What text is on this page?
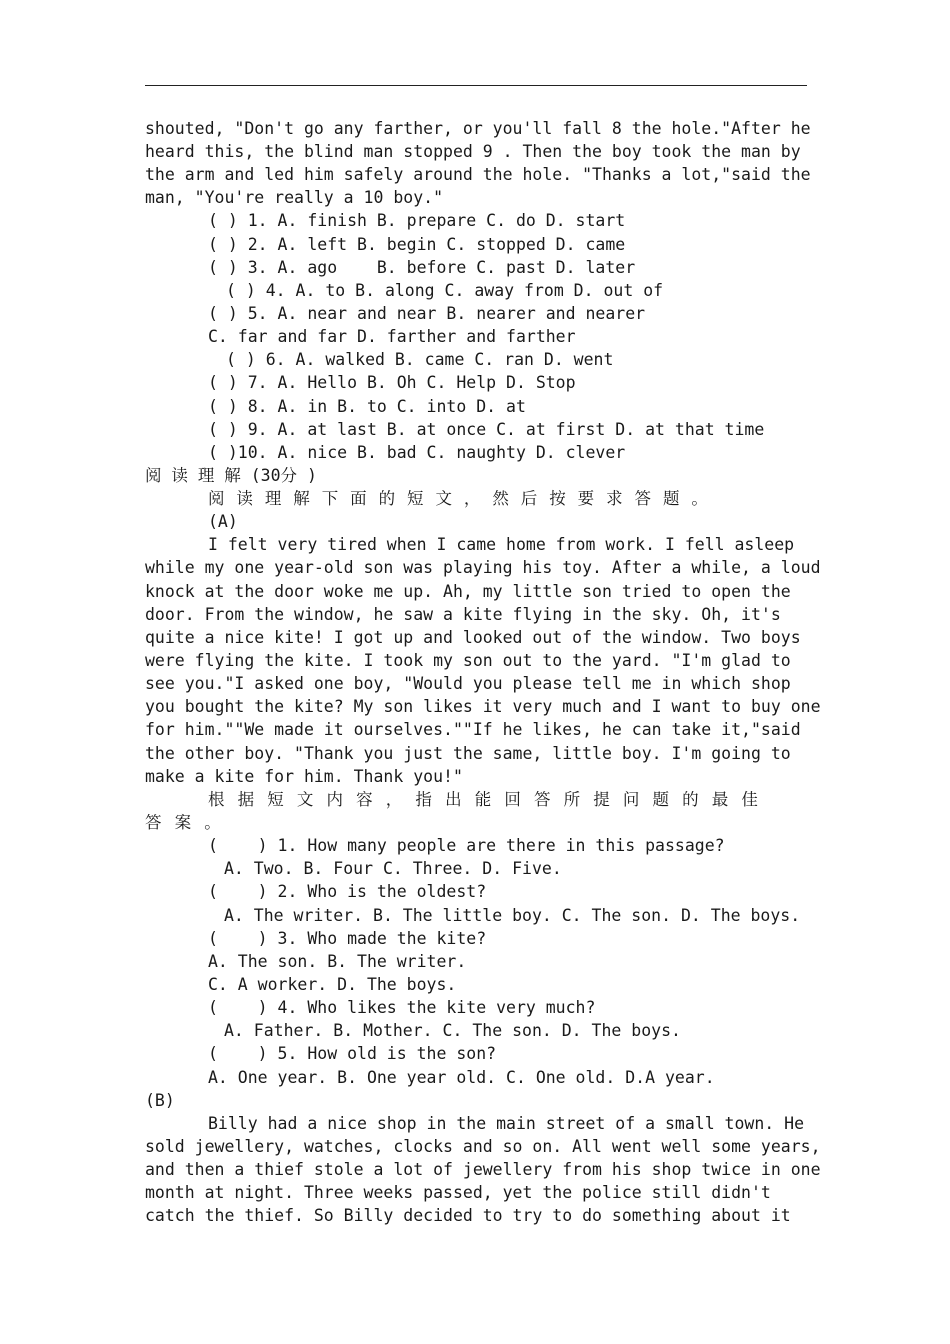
shouted, "Don't go any farther, or you'll fall 8 the hole."After he
heard this, the blind man stopped 9 . Then the boy took the man by
the arm and led him safely around the hole. "Thanks a lot,"said the
man, "You're really a 10 boy."
( ) 1. A. finish B. prepare C. do D. start
( ) 2. A. left B. begin C. stopped D. came
( ) 3. A. ago    B. before C. past D. later
( ) 4. A. to B. along C. away from D. out of
( ) 5. A. near and near B. nearer and nearer
C. far and far D. farther and farther
( ) 6. A. walked B. came C. ran D. went
( ) 7. A. Hello B. Oh C. Help D. Stop
( ) 8. A. in B. to C. into D. at
( ) 9. A. at last B. at once C. at first D. at that time
( )10. A. nice B. bad C. naughty D. clever
阅 读 理 解 (30分 )
阅 读 理 解 下 面 的 短 文 ， 然 后 按 要 求 答 题 。
(A)
I felt very tired when I came home from work. I fell asleep
while my one year-old son was playing his toy. After a while, a loud
knock at the door woke me up. Ah, my little son tried to open the
door. From the window, he saw a kite flying in the sky. Oh, it's
quite a nice kite! I got up and looked out of the window. Two boys
were flying the kite. I took my son out to the yard. "I'm glad to
see you."I asked one boy, "Would you please tell me in which shop
you bought the kite? My son likes it very much and I want to buy one
for him.""We made it ourselves.""If he likes, he can take it,"said
the other boy. "Thank you just the same, little boy. I'm going to
make a kite for him. Thank you!"
根 据 短 文 内 容 ， 指 出 能 回 答 所 提 问 题 的 最 佳
答 案 。
(    ) 1. How many people are there in this passage?
A. Two. B. Four C. Three. D. Five.
(    ) 2. Who is the oldest?
A. The writer. B. The little boy. C. The son. D. The boys.
(    ) 3. Who made the kite?
A. The son. B. The writer.
C. A worker. D. The boys.
(    ) 4. Who likes the kite very much?
A. Father. B. Mother. C. The son. D. The boys.
(    ) 5. How old is the son?
A. One year. B. One year old. C. One old. D.A year.
(B)
Billy had a nice shop in the main street of a small town. He
sold jewellery, watches, clocks and so on. All went well some years,
and then a thief stole a lot of jewellery from his shop twice in one
month at night. Three weeks passed, yet the police still didn't
catch the thief. So Billy decided to try to do something about it
